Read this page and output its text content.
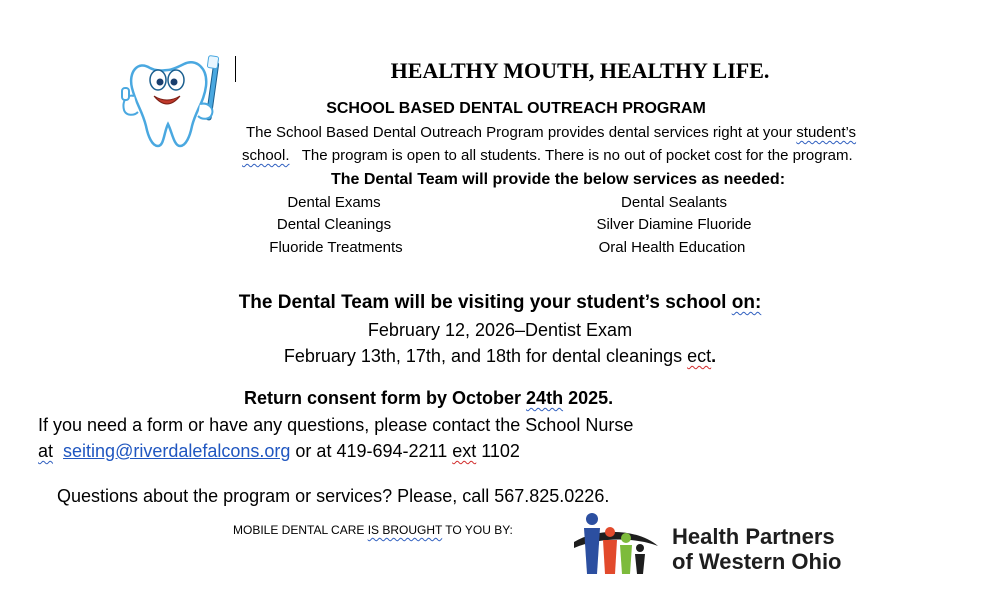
HEALTHY MOUTH, HEALTHY LIFE.
SCHOOL BASED DENTAL OUTREACH PROGRAM
The School Based Dental Outreach Program provides dental services right at your student’s
school.   The program is open to all students. There is no out of pocket cost for the program.
The Dental Team will provide the below services as needed:
Dental Exams
Dental Cleanings
Fluoride Treatments
Dental Sealants
Silver Diamine Fluoride
Oral Health Education
The Dental Team will be visiting your student’s school on:
February 12, 2026–Dentist Exam
February 13th, 17th, and 18th for dental cleanings ect.
Return consent form by October 24th 2025.
If you need a form or have any questions, please contact the School Nurse
at seiting@riverdalefalcons.org or at 419-694-2211 ext 1102
Questions about the program or services? Please, call 567.825.0226.
MOBILE DENTAL CARE IS BROUGHT TO YOU BY:	Health Partners
of Western Ohio
